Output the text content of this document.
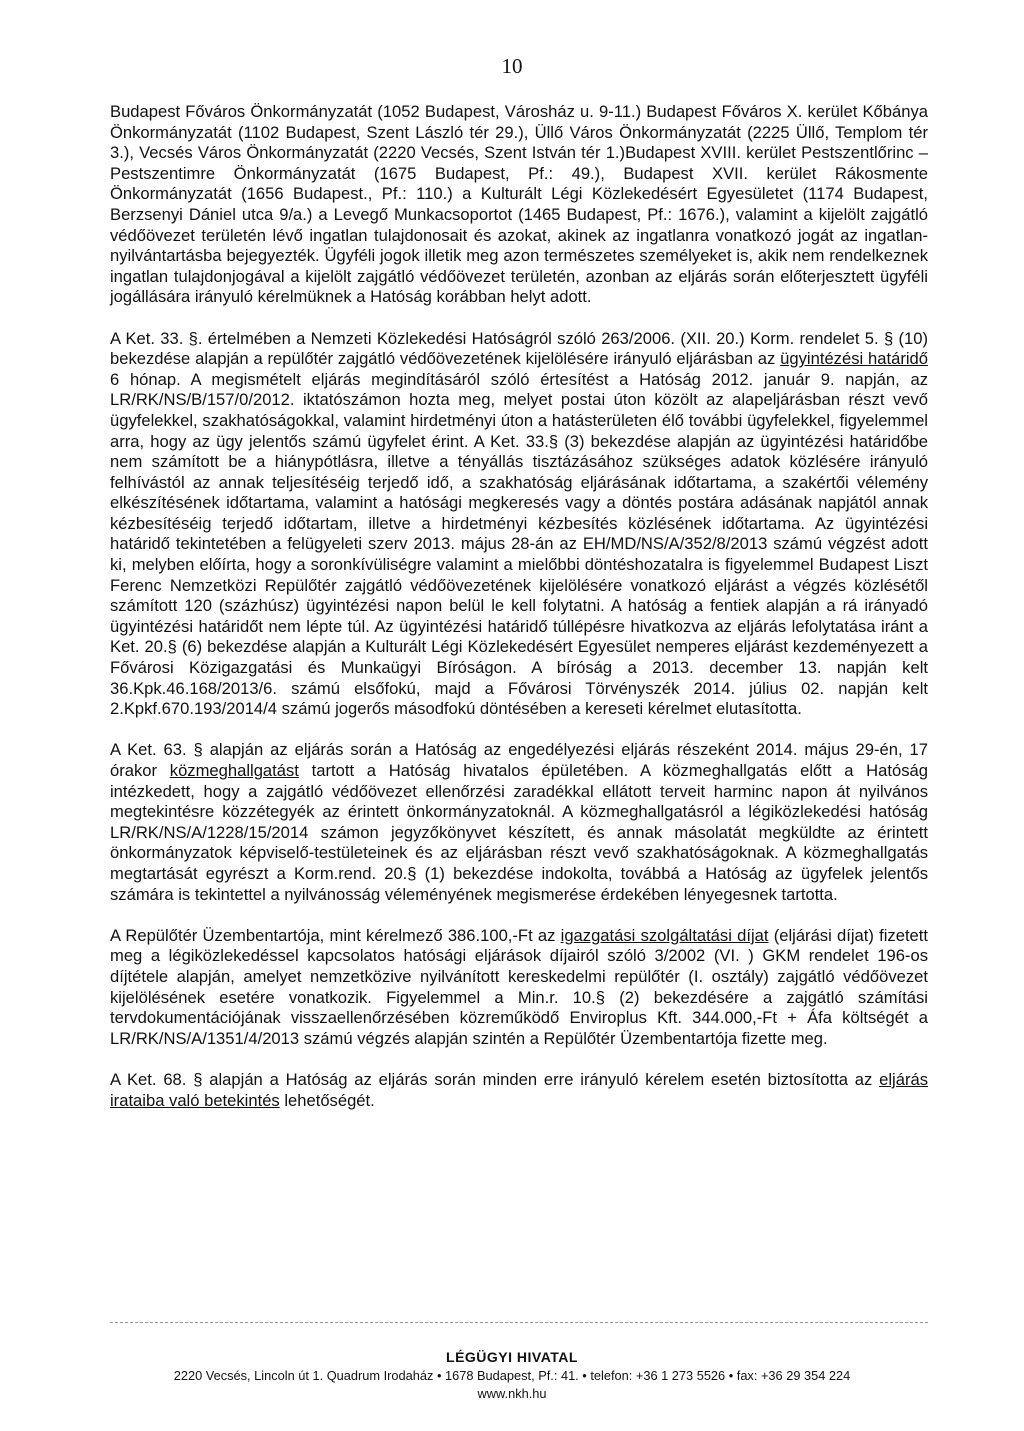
10

Budapest Főváros Önkormányzatát (1052 Budapest, Városház u. 9-11.) Budapest Főváros X. kerület Kőbánya Önkormányzatát (1102 Budapest, Szent László tér 29.), Üllő Város Önkormányzatát (2225 Üllő, Templom tér 3.), Vecsés Város Önkormányzatát (2220 Vecsés, Szent István tér 1.)Budapest XVIII. kerület Pestszentlőrinc – Pestszentimre Önkormányzatát (1675 Budapest, Pf.: 49.), Budapest XVII. kerület Rákosmente Önkormányzatát (1656 Budapest., Pf.: 110.) a Kulturált Légi Közlekedésért Egyesületet (1174 Budapest, Berzsenyi Dániel utca 9/a.) a Levegő Munkacsoportot (1465 Budapest, Pf.: 1676.), valamint a kijelölt zajgátló védőövezet területén lévő ingatlan tulajdonosait és azokat, akinek az ingatlanra vonatkozó jogát az ingatlan-nyilvántartásba bejegyezték. Ügyféli jogok illetik meg azon természetes személyeket is, akik nem rendelkeznek ingatlan tulajdonjogával a kijelölt zajgátló védőövezet területén, azonban az eljárás során előterjesztett ügyféli jogállására irányuló kérelmüknek a Hatóság korábban helyt adott.

A Ket. 33. §. értelmében a Nemzeti Közlekedési Hatóságról szóló 263/2006. (XII. 20.) Korm. rendelet 5. § (10) bekezdése alapján a repülőtér zajgátló védőövezetének kijelölésére irányuló eljárásban az ügyintézési határidő 6 hónap. A megismételt eljárás megindításáról szóló értesítést a Hatóság 2012. január 9. napján, az LR/RK/NS/B/157/0/2012. iktatószámon hozta meg, melyet postai úton közölt az alapeljárásban részt vevő ügyfelekkel, szakhatóságokkal, valamint hirdetményi úton a hatásterületen élő további ügyfelekkel, figyelemmel arra, hogy az ügy jelentős számú ügyfelet érint. A Ket. 33.§ (3) bekezdése alapján az ügyintézési határidőbe nem számított be a hiánypótlásra, illetve a tényállás tisztázásához szükséges adatok közlésére irányuló felhívástól az annak teljesítéséig terjedő idő, a szakhatóság eljárásának időtartama, a szakértői vélemény elkészítésének időtartama, valamint a hatósági megkeresés vagy a döntés postára adásának napjától annak kézbesítéséig terjedő időtartam, illetve a hirdetményi kézbesítés közlésének időtartama. Az ügyintézési határidő tekintetében a felügyeleti szerv 2013. május 28-án az EH/MD/NS/A/352/8/2013 számú végzést adott ki, melyben előírta, hogy a soronkívüliségre valamint a mielőbbi döntéshozatalra is figyelemmel Budapest Liszt Ferenc Nemzetközi Repülőtér zajgátló védőövezetének kijelölésére vonatkozó eljárást a végzés közlésétől számított 120 (százhúsz) ügyintézési napon belül le kell folytatni. A hatóság a fentiek alapján a rá irányadó ügyintézési határidőt nem lépte túl. Az ügyintézési határidő túllépésre hivatkozva az eljárás lefolytatása iránt a Ket. 20.§ (6) bekezdése alapján a Kulturált Légi Közlekedésért Egyesület nemperes eljárást kezdeményezett a Fővárosi Közigazgatási és Munkaügyi Bíróságon. A bíróság a 2013. december 13. napján kelt 36.Kpk.46.168/2013/6. számú elsőfokú, majd a Fővárosi Törvényszék 2014. július 02. napján kelt 2.Kpkf.670.193/2014/4 számú jogerős másodfokú döntésében a kereseti kérelmet elutasította.

A Ket. 63. § alapján az eljárás során a Hatóság az engedélyezési eljárás részeként 2014. május 29-én, 17 órakor közmeghallgatást tartott a Hatóság hivatalos épületében. A közmeghallgatás előtt a Hatóság intézkedett, hogy a zajgátló védőövezet ellenőrzési zaradékkal ellátott terveit harminc napon át nyilvános megtekintésre közzétegyék az érintett önkormányzatoknál. A közmeghallgatásról a légiközlekedési hatóság LR/RK/NS/A/1228/15/2014 számon jegyzőkönyvet készített, és annak másolatát megküldte az érintett önkormányzatok képviselő-testületeinek és az eljárásban részt vevő szakhatóságoknak. A közmeghallgatás megtartását egyrészt a Korm.rend. 20.§ (1) bekezdése indokolta, továbbá a Hatóság az ügyfelek jelentős számára is tekintettel a nyilvánosság véleményének megismerése érdekében lényegesnek tartotta.

A Repülőtér Üzembentartója, mint kérelmező 386.100,-Ft az igazgatási szolgáltatási díjat (eljárási díjat) fizetett meg a légiközlekedéssel kapcsolatos hatósági eljárások díjairól szóló 3/2002 (VI. ) GKM rendelet 196-os díjtétele alapján, amelyet nemzetközive nyilvánított kereskedelmi repülőtér (I. osztály) zajgátló védőövezet kijelölésének esetére vonatkozik. Figyelemmel a Min.r. 10.§ (2) bekezdésére a zajgátló számítási tervdokumentációjának visszaellenőrzésében közreműködő Enviroplus Kft. 344.000,-Ft + Áfa költségét a LR/RK/NS/A/1351/4/2013 számú végzés alapján szintén a Repülőtér Üzembentartója fizette meg.

A Ket. 68. § alapján a Hatóság az eljárás során minden erre irányuló kérelem esetén biztosította az eljárás irataiba való betekintés lehetőségét.

LÉGÜGYI HIVATAL
2220 Vecsés, Lincoln út 1. Quadrum Irodaház • 1678 Budapest, Pf.: 41. • telefon: +36 1 273 5526 • fax: +36 29 354 224
www.nkh.hu
